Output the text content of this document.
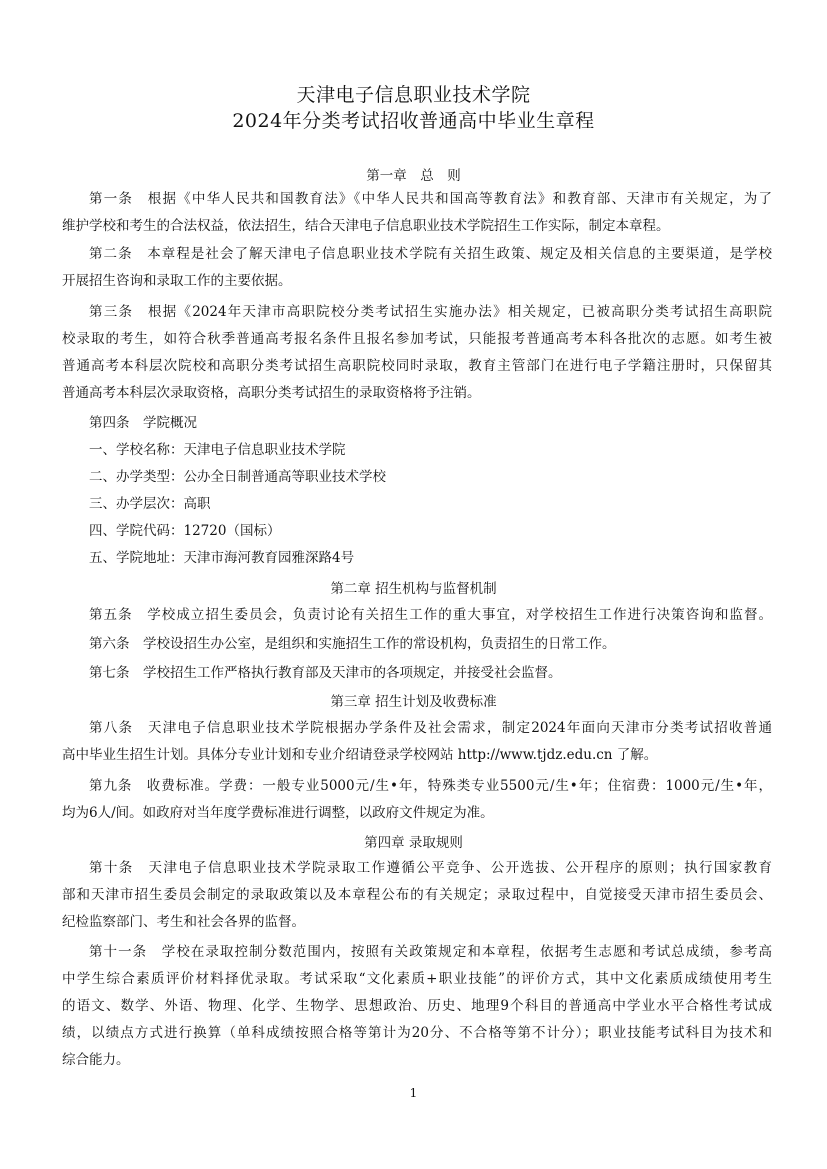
天津电子信息职业技术学院
2024年分类考试招收普通高中毕业生章程
第一章　总　则
第一条　根据《中华人民共和国教育法》《中华人民共和国高等教育法》和教育部、天津市有关规定，为了
维护学校和考生的合法权益，依法招生，结合天津电子信息职业技术学院招生工作实际，制定本章程。
第二条　本章程是社会了解天津电子信息职业技术学院有关招生政策、规定及相关信息的主要渠道，是学校
开展招生咨询和录取工作的主要依据。
第三条　根据《2024年天津市高职院校分类考试招生实施办法》相关规定，已被高职分类考试招生高职院
校录取的考生，如符合秋季普通高考报名条件且报名参加考试，只能报考普通高考本科各批次的志愿。如考生被
普通高考本科层次院校和高职分类考试招生高职院校同时录取，教育主管部门在进行电子学籍注册时，只保留其
普通高考本科层次录取资格，高职分类考试招生的录取资格将予注销。
第四条　学院概况
一、学校名称：天津电子信息职业技术学院
二、办学类型：公办全日制普通高等职业技术学校
三、办学层次：高职
四、学院代码：12720（国标）
五、学院地址：天津市海河教育园雅深路4号
第二章 招生机构与监督机制
第五条　学校成立招生委员会，负责讨论有关招生工作的重大事宜，对学校招生工作进行决策咨询和监督。
第六条　学校设招生办公室，是组织和实施招生工作的常设机构，负责招生的日常工作。
第七条　学校招生工作严格执行教育部及天津市的各项规定，并接受社会监督。
第三章 招生计划及收费标准
第八条　天津电子信息职业技术学院根据办学条件及社会需求，制定2024年面向天津市分类考试招收普通
高中毕业生招生计划。具体分专业计划和专业介绍请登录学校网站 http://www.tjdz.edu.cn 了解。
第九条　收费标准。学费：一般专业5000元/生•年，特殊类专业5500元/生•年；住宿费：1000元/生•年，
均为6人/间。如政府对当年度学费标准进行调整，以政府文件规定为准。
第四章 录取规则
第十条　天津电子信息职业技术学院录取工作遵循公平竞争、公开选拔、公开程序的原则；执行国家教育
部和天津市招生委员会制定的录取政策以及本章程公布的有关规定；录取过程中，自觉接受天津市招生委员会、
纪检监察部门、考生和社会各界的监督。
第十一条　学校在录取控制分数范围内，按照有关政策规定和本章程，依据考生志愿和考试总成绩，参考高
中学生综合素质评价材料择优录取。考试采取“文化素质+职业技能”的评价方式，其中文化素质成绩使用考生
的语文、数学、外语、物理、化学、生物学、思想政治、历史、地理9个科目的普通高中学业水平合格性考试成
绩，以绩点方式进行换算（单科成绩按照合格等第计为20分、不合格等第不计分）；职业技能考试科目为技术和
综合能力。
1
